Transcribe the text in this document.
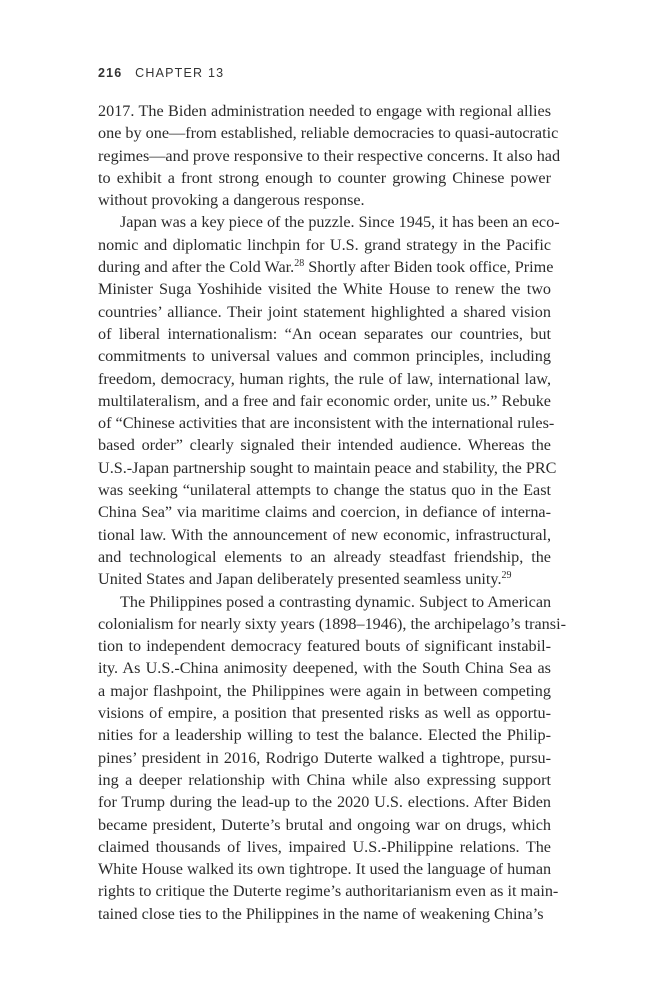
216 CHAPTER 13
2017. The Biden administration needed to engage with regional allies
one by one—from established, reliable democracies to quasi-autocratic
regimes—and prove responsive to their respective concerns. It also had
to exhibit a front strong enough to counter growing Chinese power
without provoking a dangerous response.
Japan was a key piece of the puzzle. Since 1945, it has been an eco-
nomic and diplomatic linchpin for U.S. grand strategy in the Pacific
during and after the Cold War.$^{28}$ Shortly after Biden took office, Prime
Minister Suga Yoshihide visited the White House to renew the two
countries’ alliance. Their joint statement highlighted a shared vision
of liberal internationalism: “An ocean separates our countries, but
commitments to universal values and common principles, including
freedom, democracy, human rights, the rule of law, international law,
multilateralism, and a free and fair economic order, unite us.” Rebuke
of “Chinese activities that are inconsistent with the international rules-
based order” clearly signaled their intended audience. Whereas the
U.S.-Japan partnership sought to maintain peace and stability, the PRC
was seeking “unilateral attempts to change the status quo in the East
China Sea” via maritime claims and coercion, in defiance of interna-
tional law. With the announcement of new economic, infrastructural,
and technological elements to an already steadfast friendship, the
United States and Japan deliberately presented seamless unity.$^{29}$
The Philippines posed a contrasting dynamic. Subject to American
colonialism for nearly sixty years (1898–1946), the archipelago’s transi-
tion to independent democracy featured bouts of significant instabil-
ity. As U.S.-China animosity deepened, with the South China Sea as
a major flashpoint, the Philippines were again in between competing
visions of empire, a position that presented risks as well as opportu-
nities for a leadership willing to test the balance. Elected the Philip-
pines’ president in 2016, Rodrigo Duterte walked a tightrope, pursu-
ing a deeper relationship with China while also expressing support
for Trump during the lead-up to the 2020 U.S. elections. After Biden
became president, Duterte’s brutal and ongoing war on drugs, which
claimed thousands of lives, impaired U.S.-Philippine relations. The
White House walked its own tightrope. It used the language of human
rights to critique the Duterte regime’s authoritarianism even as it main-
tained close ties to the Philippines in the name of weakening China’s
